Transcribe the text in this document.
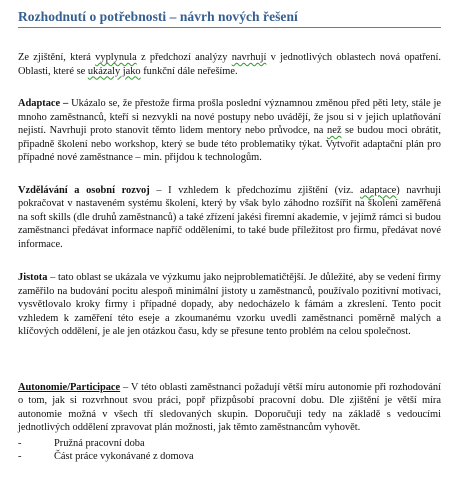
Rozhodnutí o potřebnosti – návrh nových řešení

Ze zjištění, která vyplynula z předchozí analýzy navrhují v jednotlivých oblastech nová opatření. Oblasti, které se ukázaly jako funkční dále neřešíme.

Adaptace – Ukázalo se, že přestože firma prošla poslední významnou změnou před pěti lety, stále je mnoho zaměstnanců, kteří si nezvykli na nové postupy nebo uvádějí, že jsou si v jejich uplatňování nejistí. Navrhuji proto stanovit těmto lidem mentory nebo průvodce, na než se budou moci obrátit, připadně školení nebo workshop, který se bude této problematiky týkat. Vytvořit adaptační plán pro případné nové zaměstnance – min. přijdou k technologům.

Vzdělávání a osobní rozvoj – I vzhledem k předchozímu zjištění (viz. adaptace) navrhuji pokračovat v nastaveném systému školení, který by však bylo záhodno rozšířit na školení zaměřená na soft skills (dle druhů zaměstnanců) a také zřízení jakési firemní akademie, v jejímž rámci si budou zaměstnanci předávat informace napříč odděleními, to také bude příležitost pro firmu, předávat nové informace.

Jistota – tato oblast se ukázala ve výzkumu jako nejproblematičtější. Je důležité, aby se vedení firmy zaměřilo na budování pocitu alespoň minimální jistoty u zaměstnanců, používalo pozitivní motivaci, vysvětlovalo kroky firmy i případné dopady, aby nedocházelo k fámám a zkreslení. Tento pocit vzhledem k zaměření této eseje a zkoumanému vzorku uvedli zaměstnanci poměrně malých a klíčových oddělení, je ale jen otázkou času, kdy se přesune tento problém na celou společnost.

Autonomie/Participace – V této oblasti zaměstnanci požadují větší míru autonomie při rozhodování o tom, jak si rozvrhnout svou práci, popř přizpůsobí pracovní dobu. Dle zjištění je větší míra autonomie možná v všech tří sledovaných skupin. Doporučuji tedy na základě s vedoucími jednotlivých oddělení zpravovat plán možnosti, jak těmto zaměstnancům vyhovět.

-	Pružná pracovní doba
-	Část práce vykonávané z domova
